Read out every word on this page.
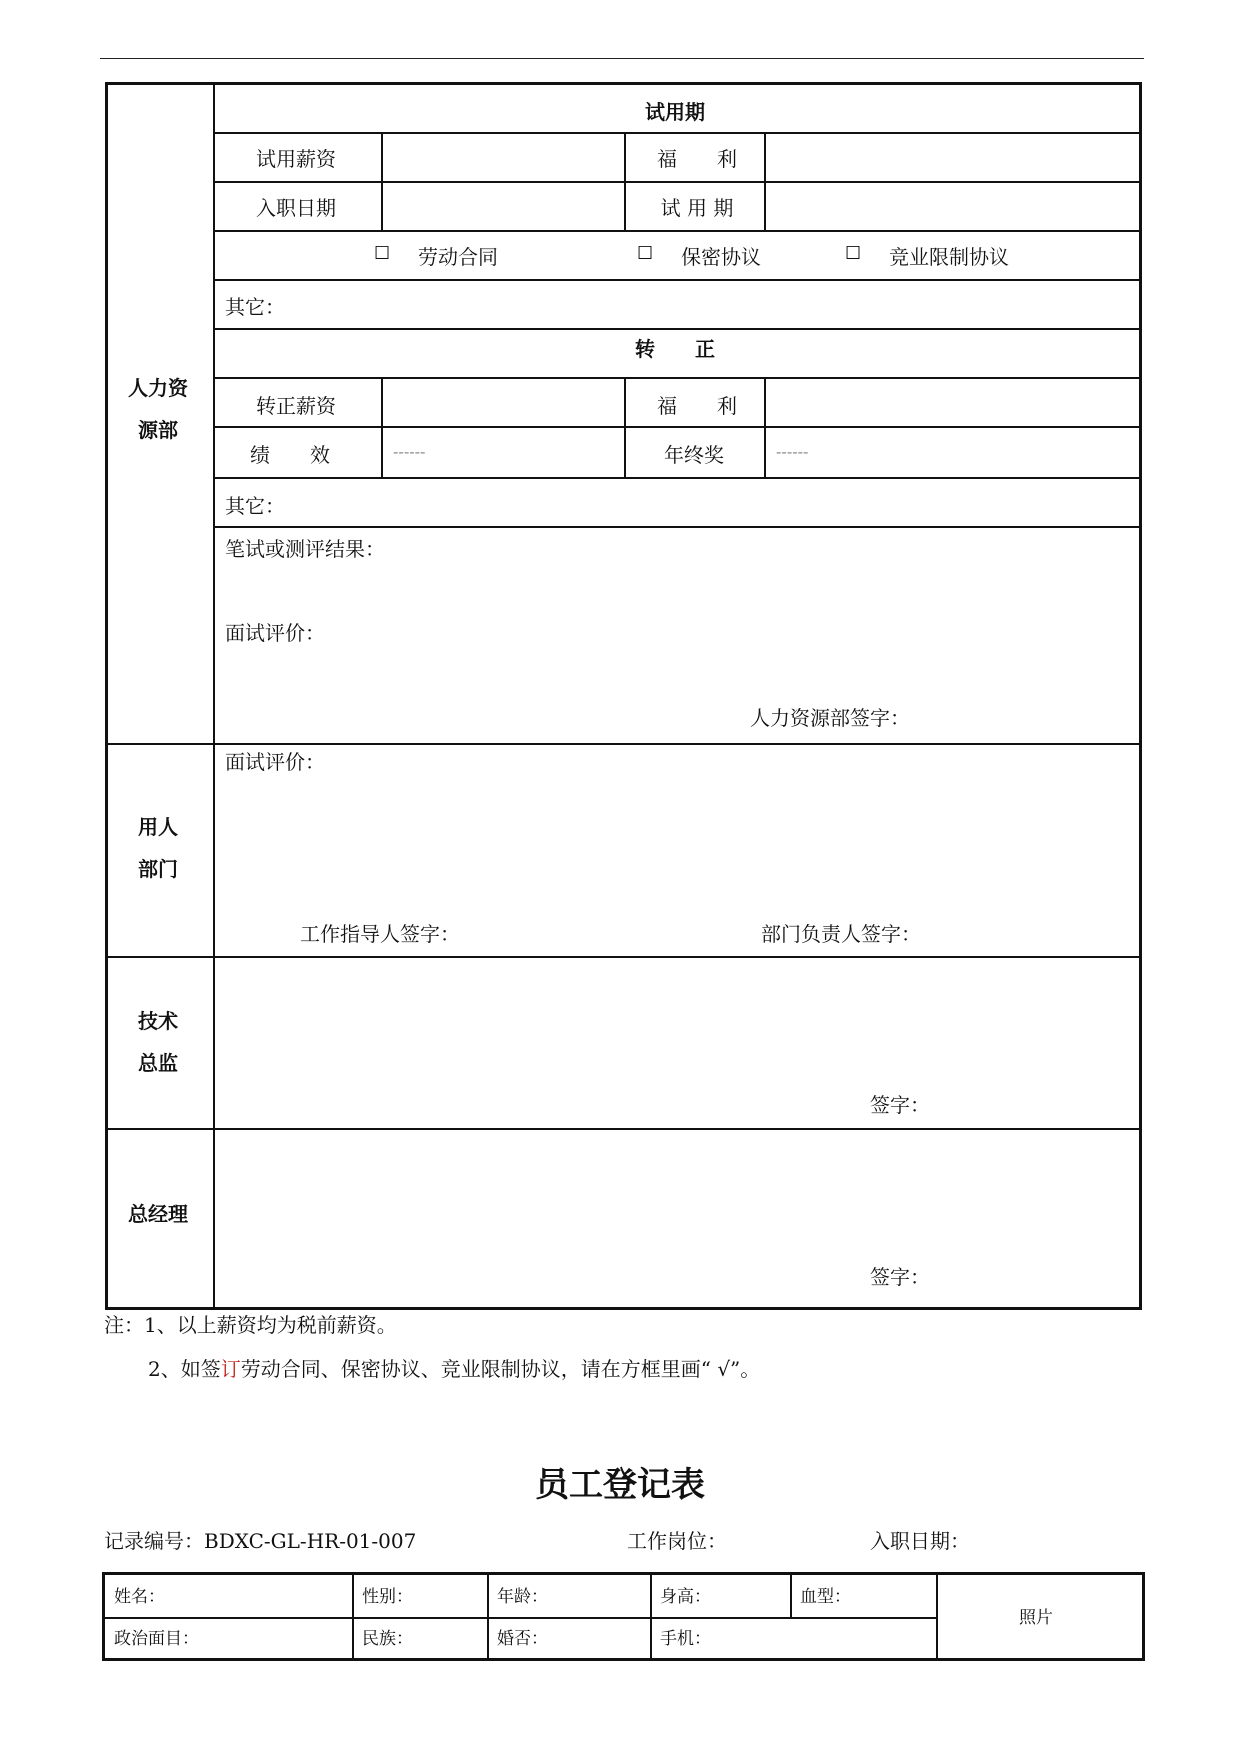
人力资
源部
试用期
试用薪资	福　　利
入职日期	试 用 期
☐ 劳动合同	☐ 保密协议	☐ 竞业限制协议
其它：
转　　正
转正薪资	福　　利
绩　　效	------	年终奖	------
其它：
笔试或测评结果：
面试评价：
人力资源部签字：
用人
部门
面试评价：
工作指导人签字：	部门负责人签字：
技术
总监
签字：
总经理
签字：
注：1、以上薪资均为税前薪资。
2、如签订劳动合同、保密协议、竞业限制协议，请在方框里画“ √”。
员工登记表
记录编号：BDXC-GL-HR-01-007	工作岗位：	入职日期：
姓名：	性别：	年龄：	身高：	血型：
照片
政治面目：	民族：	婚否：	手机：
